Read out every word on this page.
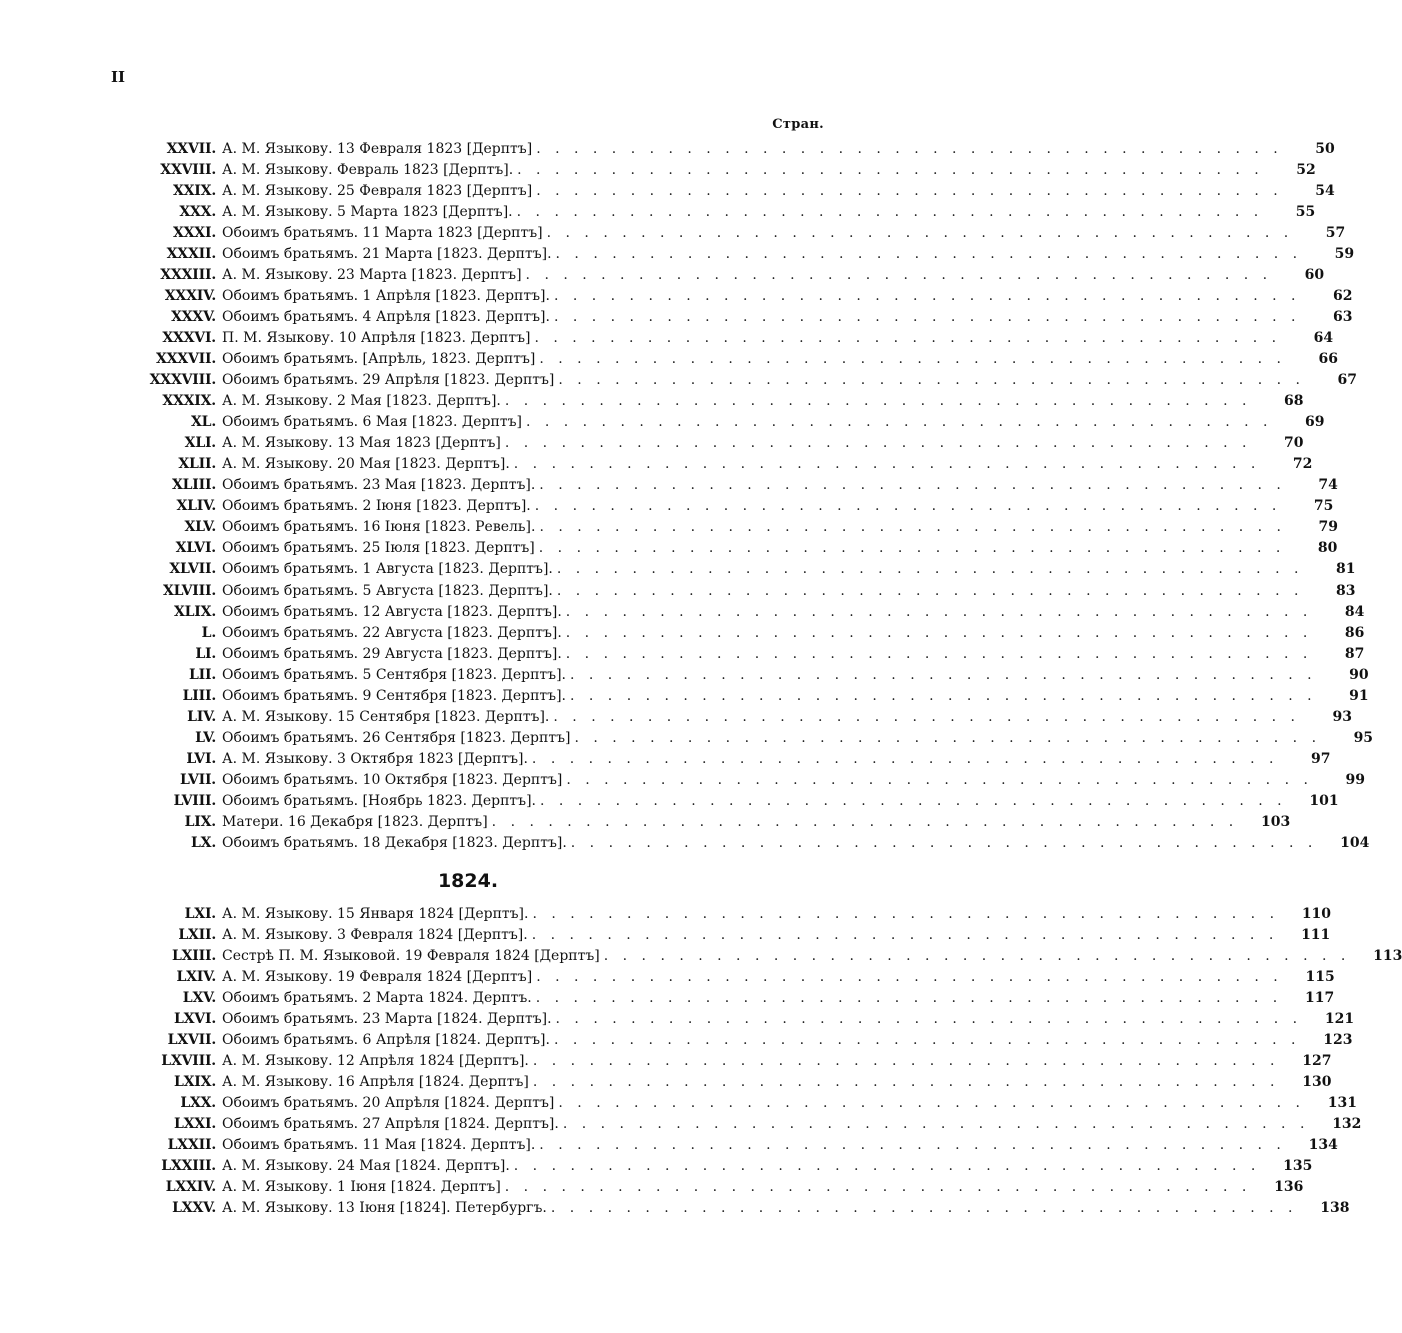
II
Стран.
XXVII. А. М. Языкову. 13 Февраля 1823 [Дерптъ] . . . . . . . . . . . . . . . . . . . . . . . . . . . . . . . . . . . . . . . .	50
XXVIII. А. М. Языкову. Февраль 1823 [Дерптъ]. . . . . . . . . . . . . . . . . . . . . . . . . . . . . . . . . . . . . . . . .	52
XXIX. А. М. Языкову. 25 Февраля 1823 [Дерптъ] . . . . . . . . . . . . . . . . . . . . . . . . . . . . . . . . . . . . . . . .	54
XXX. А. М. Языкову. 5 Марта 1823 [Дерптъ]. . . . . . . . . . . . . . . . . . . . . . . . . . . . . . . . . . . . . . . . .	55
XXXI. Обоимъ братьямъ. 11 Марта 1823 [Дерптъ] . . . . . . . . . . . . . . . . . . . . . . . . . . . . . . . . . . . . . . . .	57
XXXII. Обоимъ братьямъ. 21 Марта [1823. Дерптъ]. . . . . . . . . . . . . . . . . . . . . . . . . . . . . . . . . . . . . . . . .	59
XXXIII. А. М. Языкову. 23 Марта [1823. Дерптъ] . . . . . . . . . . . . . . . . . . . . . . . . . . . . . . . . . . . . . . . .	60
XXXIV. Обоимъ братьямъ. 1 Апрѣля [1823. Дерптъ]. . . . . . . . . . . . . . . . . . . . . . . . . . . . . . . . . . . . . . . . .	62
XXXV. Обоимъ братьямъ. 4 Апрѣля [1823. Дерптъ]. . . . . . . . . . . . . . . . . . . . . . . . . . . . . . . . . . . . . . . . .	63
XXXVI. П. М. Языкову. 10 Апрѣля [1823. Дерптъ] . . . . . . . . . . . . . . . . . . . . . . . . . . . . . . . . . . . . . . . .	64
XXXVII. Обоимъ братьямъ. [Апрѣль, 1823. Дерптъ] . . . . . . . . . . . . . . . . . . . . . . . . . . . . . . . . . . . . . . . .	66
XXXVIII. Обоимъ братьямъ. 29 Апрѣля [1823. Дерптъ] . . . . . . . . . . . . . . . . . . . . . . . . . . . . . . . . . . . . . . . .	67
XXXIX. А. М. Языкову. 2 Мая [1823. Дерптъ]. . . . . . . . . . . . . . . . . . . . . . . . . . . . . . . . . . . . . . . . .	68
XL. Обоимъ братьямъ. 6 Мая [1823. Дерптъ] . . . . . . . . . . . . . . . . . . . . . . . . . . . . . . . . . . . . . . . .	69
XLI. А. М. Языкову. 13 Мая 1823 [Дерптъ] . . . . . . . . . . . . . . . . . . . . . . . . . . . . . . . . . . . . . . . .	70
XLII. А. М. Языкову. 20 Мая [1823. Дерптъ]. . . . . . . . . . . . . . . . . . . . . . . . . . . . . . . . . . . . . . . . .	72
XLIII. Обоимъ братьямъ. 23 Мая [1823. Дерптъ]. . . . . . . . . . . . . . . . . . . . . . . . . . . . . . . . . . . . . . . . .	74
XLIV. Обоимъ братьямъ. 2 Іюня [1823. Дерптъ]. . . . . . . . . . . . . . . . . . . . . . . . . . . . . . . . . . . . . . . . .	75
XLV. Обоимъ братьямъ. 16 Іюня [1823. Ревель]. . . . . . . . . . . . . . . . . . . . . . . . . . . . . . . . . . . . . . . . .	79
XLVI. Обоимъ братьямъ. 25 Іюля [1823. Дерптъ] . . . . . . . . . . . . . . . . . . . . . . . . . . . . . . . . . . . . . . . .	80
XLVII. Обоимъ братьямъ. 1 Августа [1823. Дерптъ]. . . . . . . . . . . . . . . . . . . . . . . . . . . . . . . . . . . . . . . . .	81
XLVIII. Обоимъ братьямъ. 5 Августа [1823. Дерптъ]. . . . . . . . . . . . . . . . . . . . . . . . . . . . . . . . . . . . . . . . .	83
XLIX. Обоимъ братьямъ. 12 Августа [1823. Дерптъ]. . . . . . . . . . . . . . . . . . . . . . . . . . . . . . . . . . . . . . . . .	84
L. Обоимъ братьямъ. 22 Августа [1823. Дерптъ]. . . . . . . . . . . . . . . . . . . . . . . . . . . . . . . . . . . . . . . . .	86
LI. Обоимъ братьямъ. 29 Августа [1823. Дерптъ]. . . . . . . . . . . . . . . . . . . . . . . . . . . . . . . . . . . . . . . . .	87
LII. Обоимъ братьямъ. 5 Сентября [1823. Дерптъ]. . . . . . . . . . . . . . . . . . . . . . . . . . . . . . . . . . . . . . . . .	90
LIII. Обоимъ братьямъ. 9 Сентября [1823. Дерптъ]. . . . . . . . . . . . . . . . . . . . . . . . . . . . . . . . . . . . . . . . .	91
LIV. А. М. Языкову. 15 Сентября [1823. Дерптъ]. . . . . . . . . . . . . . . . . . . . . . . . . . . . . . . . . . . . . . . . .	93
LV. Обоимъ братьямъ. 26 Сентября [1823. Дерптъ] . . . . . . . . . . . . . . . . . . . . . . . . . . . . . . . . . . . . . . . .	95
LVI. А. М. Языкову. 3 Октября 1823 [Дерптъ]. . . . . . . . . . . . . . . . . . . . . . . . . . . . . . . . . . . . . . . . .	97
LVII. Обоимъ братьямъ. 10 Октября [1823. Дерптъ] . . . . . . . . . . . . . . . . . . . . . . . . . . . . . . . . . . . . . . . .	99
LVIII. Обоимъ братьямъ. [Ноябрь 1823. Дерптъ]. . . . . . . . . . . . . . . . . . . . . . . . . . . . . . . . . . . . . . . . .	101
LIX. Матери. 16 Декабря [1823. Дерптъ] . . . . . . . . . . . . . . . . . . . . . . . . . . . . . . . . . . . . . . . .	103
LX. Обоимъ братьямъ. 18 Декабря [1823. Дерптъ]. . . . . . . . . . . . . . . . . . . . . . . . . . . . . . . . . . . . . . . . .	104
1824.
LXI. А. М. Языкову. 15 Января 1824 [Дерптъ]. . . . . . . . . . . . . . . . . . . . . . . . . . . . . . . . . . . . . . . . .	110
LXII. А. М. Языкову. 3 Февраля 1824 [Дерптъ]. . . . . . . . . . . . . . . . . . . . . . . . . . . . . . . . . . . . . . . . .	111
LXIII. Сестрѣ П. М. Языковой. 19 Февраля 1824 [Дерптъ] . . . . . . . . . . . . . . . . . . . . . . . . . . . . . . . . . . . . . . . .	113
LXIV. А. М. Языкову. 19 Февраля 1824 [Дерптъ] . . . . . . . . . . . . . . . . . . . . . . . . . . . . . . . . . . . . . . . .	115
LXV. Обоимъ братьямъ. 2 Марта 1824. Дерптъ. . . . . . . . . . . . . . . . . . . . . . . . . . . . . . . . . . . . . . . . .	117
LXVI. Обоимъ братьямъ. 23 Марта [1824. Дерптъ]. . . . . . . . . . . . . . . . . . . . . . . . . . . . . . . . . . . . . . . . .	121
LXVII. Обоимъ братьямъ. 6 Апрѣля [1824. Дерптъ]. . . . . . . . . . . . . . . . . . . . . . . . . . . . . . . . . . . . . . . . .	123
LXVIII. А. М. Языкову. 12 Апрѣля 1824 [Дерптъ]. . . . . . . . . . . . . . . . . . . . . . . . . . . . . . . . . . . . . . . . .	127
LXIX. А. М. Языкову. 16 Апрѣля [1824. Дерптъ] . . . . . . . . . . . . . . . . . . . . . . . . . . . . . . . . . . . . . . . .	130
LXX. Обоимъ братьямъ. 20 Апрѣля [1824. Дерптъ] . . . . . . . . . . . . . . . . . . . . . . . . . . . . . . . . . . . . . . . .	131
LXXI. Обоимъ братьямъ. 27 Апрѣля [1824. Дерптъ]. . . . . . . . . . . . . . . . . . . . . . . . . . . . . . . . . . . . . . . . .	132
LXXII. Обоимъ братьямъ. 11 Мая [1824. Дерптъ]. . . . . . . . . . . . . . . . . . . . . . . . . . . . . . . . . . . . . . . . .	134
LXXIII. А. М. Языкову. 24 Мая [1824. Дерптъ]. . . . . . . . . . . . . . . . . . . . . . . . . . . . . . . . . . . . . . . . .	135
LXXIV. А. М. Языкову. 1 Іюня [1824. Дерптъ] . . . . . . . . . . . . . . . . . . . . . . . . . . . . . . . . . . . . . . . .	136
LXXV. А. М. Языкову. 13 Іюня [1824]. Петербургъ. . . . . . . . . . . . . . . . . . . . . . . . . . . . . . . . . . . . . . . . .	138
